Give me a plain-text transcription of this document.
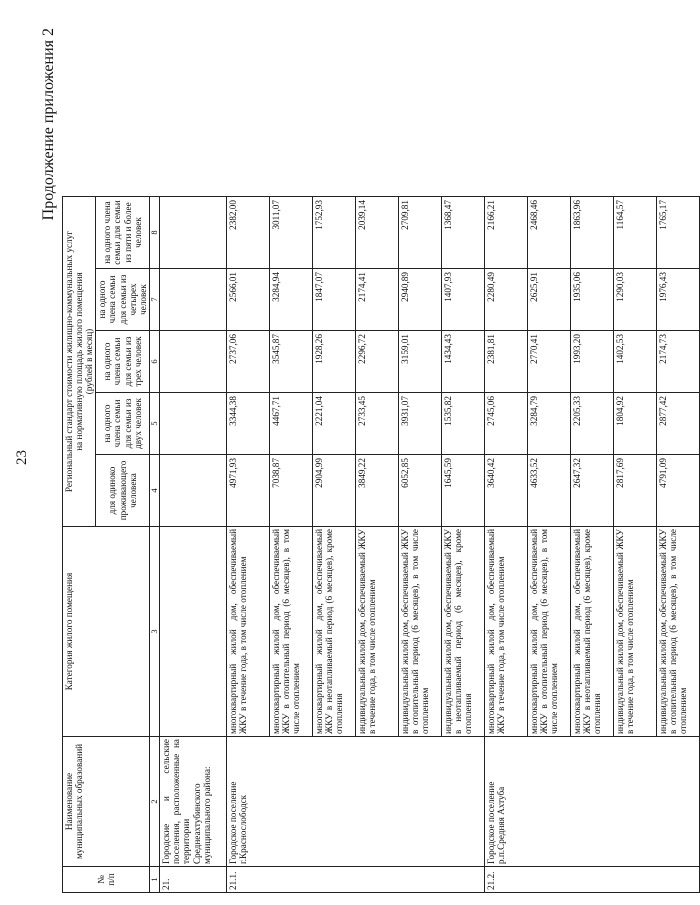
23
Продолжение приложения 2
№
п/п	Наименование
муниципальных образований	Категория жилого помещения	Региональный стандарт стоимости жилищно-коммунальных услуг
на нормативную площадь жилого помещения
(рублей в месяц)				
			для одиноко проживающего человека	на одного члена семьи для семьи из двух человек	на одного члена семьи для семьи из трех человек	на одного члена семьи для семьи из четырех человек	на одного члена семьи для семьи из пяти и более человек
1	2	3	4	5	6	7	8
21.	Городские и сельские поселения, расположенные на территории Среднеахтубинского муниципального района:						
21.1.	Городское поселение г.Краснослободск	многоквартирный жилой дом, обеспечиваемый ЖКУ в течение года, в том числе отоплением	4971,93	3344,38	2737,06	2566,01	2382,00
		многоквартирный жилой дом, обеспечиваемый ЖКУ в отопительный период (6 месяцев), в том числе отоплением	7038,87	4467,71	3545,87	3284,94	3011,07
		многоквартирный жилой дом, обеспечиваемый ЖКУ в неотапливаемый период (6 месяцев), кроме отопления	2904,99	2221,04	1928,26	1847,07	1752,93
		индивидуальный жилой дом, обеспечиваемый ЖКУ в течение года, в том числе отоплением	3849,22	2733,45	2296,72	2174,41	2039,14
		индивидуальный жилой дом, обеспечиваемый ЖКУ в отопительный период (6 месяцев), в том числе отоплением	6052,85	3931,07	3159,01	2940,89	2709,81
		индивидуальный жилой дом, обеспечиваемый ЖКУ в неотапливаемый период (6 месяцев), кроме отопления	1645,59	1535,82	1434,43	1407,93	1368,47
21.2.	Городское поселение р.п.Средняя Ахтуба	многоквартирный жилой дом, обеспечиваемый ЖКУ в течение года, в том числе отоплением	3640,42	2745,06	2381,81	2280,49	2166,21
		многоквартирный жилой дом, обеспечиваемый ЖКУ в отопительный период (6 месяцев), в том числе отоплением	4633,52	3284,79	2770,41	2625,91	2468,46
		многоквартирный жилой дом, обеспечиваемый ЖКУ в неотапливаемый период (6 месяцев), кроме отопления	2647,32	2205,33	1993,20	1935,06	1863,96
		индивидуальный жилой дом, обеспечиваемый ЖКУ в течение года, в том числе отоплением	2817,69	1804,92	1402,53	1290,03	1164,57
		индивидуальный жилой дом, обеспечиваемый ЖКУ в отопительный период (6 месяцев), в том числе отоплением	4791,09	2877,42	2174,73	1976,43	1765,17
